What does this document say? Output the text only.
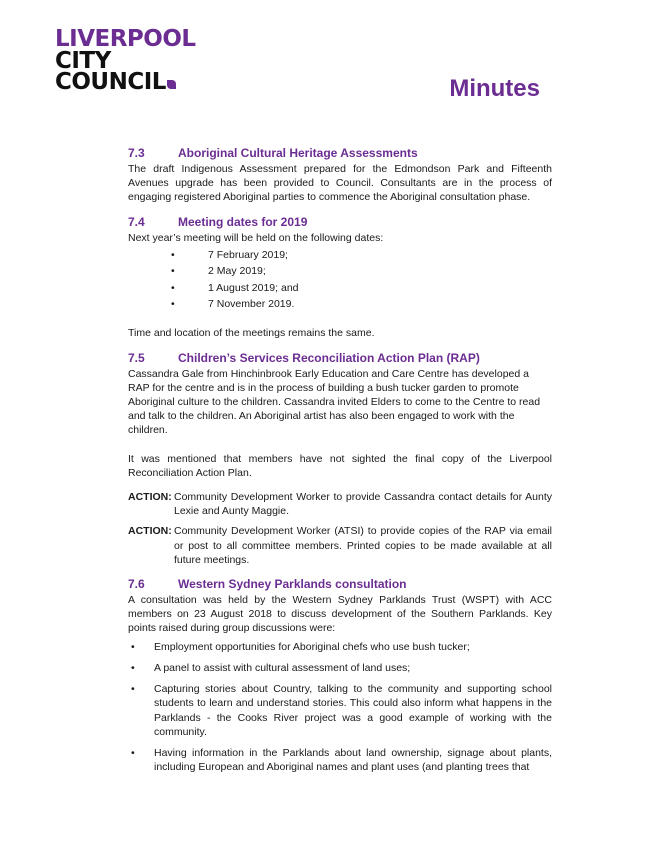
LIVERPOOL
CITY
COUNCIL	Minutes
7.3	Aboriginal Cultural Heritage Assessments

The draft Indigenous Assessment prepared for the Edmondson Park and Fifteenth Avenues upgrade has been provided to Council. Consultants are in the process of engaging registered Aboriginal parties to commence the Aboriginal consultation phase.

7.4	Meeting dates for 2019

Next year’s meeting will be held on the following dates:

•	7 February 2019;
•	2 May 2019;
•	1 August 2019; and
•	7 November 2019.

Time and location of the meetings remains the same.

7.5	Children’s Services Reconciliation Action Plan (RAP)

Cassandra Gale from Hinchinbrook Early Education and Care Centre has developed a RAP for the centre and is in the process of building a bush tucker garden to promote Aboriginal culture to the children. Cassandra invited Elders to come to the Centre to read and talk to the children. An Aboriginal artist has also been engaged to work with the children.

It was mentioned that members have not sighted the final copy of the Liverpool Reconciliation Action Plan.

ACTION: Community Development Worker to provide Cassandra contact details for Aunty Lexie and Aunty Maggie.
ACTION: Community Development Worker (ATSI) to provide copies of the RAP via email or post to all committee members. Printed copies to be made available at all future meetings.
7.6	Western Sydney Parklands consultation

A consultation was held by the Western Sydney Parklands Trust (WSPT) with ACC members on 23 August 2018 to discuss development of the Southern Parklands. Key points raised during group discussions were:

•	Employment opportunities for Aboriginal chefs who use bush tucker;
•	A panel to assist with cultural assessment of land uses;
•	Capturing stories about Country, talking to the community and supporting school students to learn and understand stories. This could also inform what happens in the Parklands - the Cooks River project was a good example of working with the community.
•	Having information in the Parklands about land ownership, signage about plants, including European and Aboriginal names and plant uses (and planting trees that
